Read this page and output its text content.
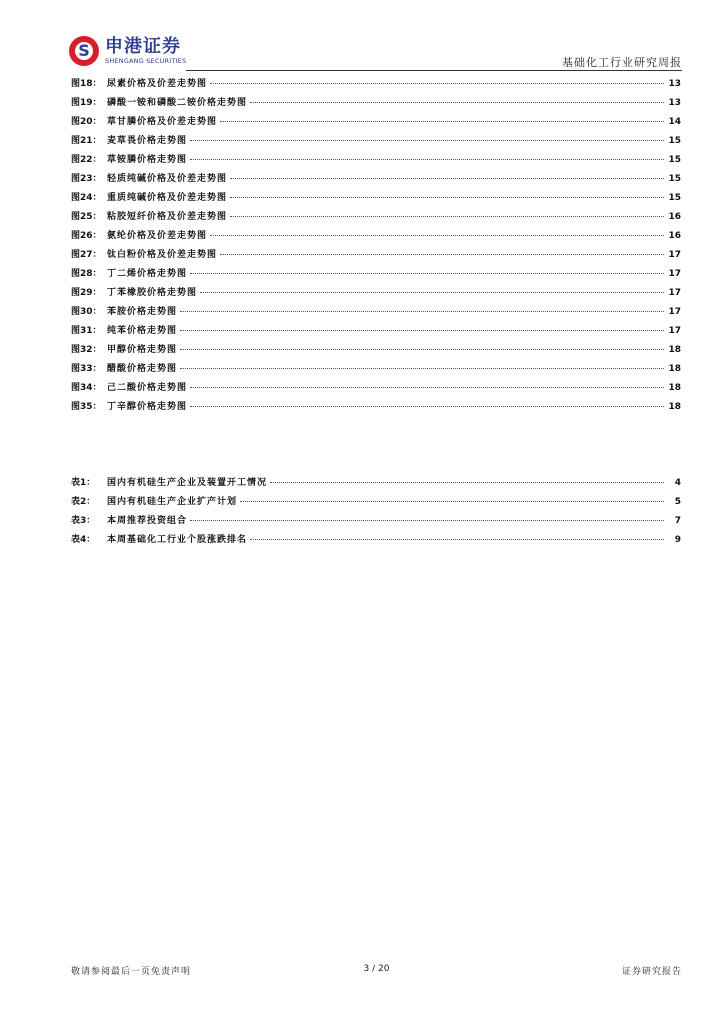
S 申港证券
SHENGANG SECURITIES	基础化工行业研究周报
图18： 尿素价格及价差走势图	13
图19： 磷酸一铵和磷酸二铵价格走势图	13
图20： 草甘膦价格及价差走势图	14
图21： 麦草畏价格走势图	15
图22： 草铵膦价格走势图	15
图23： 轻质纯碱价格及价差走势图	15
图24： 重质纯碱价格及价差走势图	15
图25： 粘胶短纤价格及价差走势图	16
图26： 氨纶价格及价差走势图	16
图27： 钛白粉价格及价差走势图	17
图28： 丁二烯价格走势图	17
图29： 丁苯橡胶价格走势图	17
图30： 苯胺价格走势图	17
图31： 纯苯价格走势图	17
图32： 甲醇价格走势图	18
图33： 醋酸价格走势图	18
图34： 己二酸价格走势图	18
图35： 丁辛醇价格走势图	18
表1：	国内有机硅生产企业及装置开工情况	4
表2：	国内有机硅生产企业扩产计划	5
表3：	本周推荐投资组合	7
表4：	本周基础化工行业个股涨跌排名	9
敬请参阅最后一页免责声明	3 / 20	证券研究报告
